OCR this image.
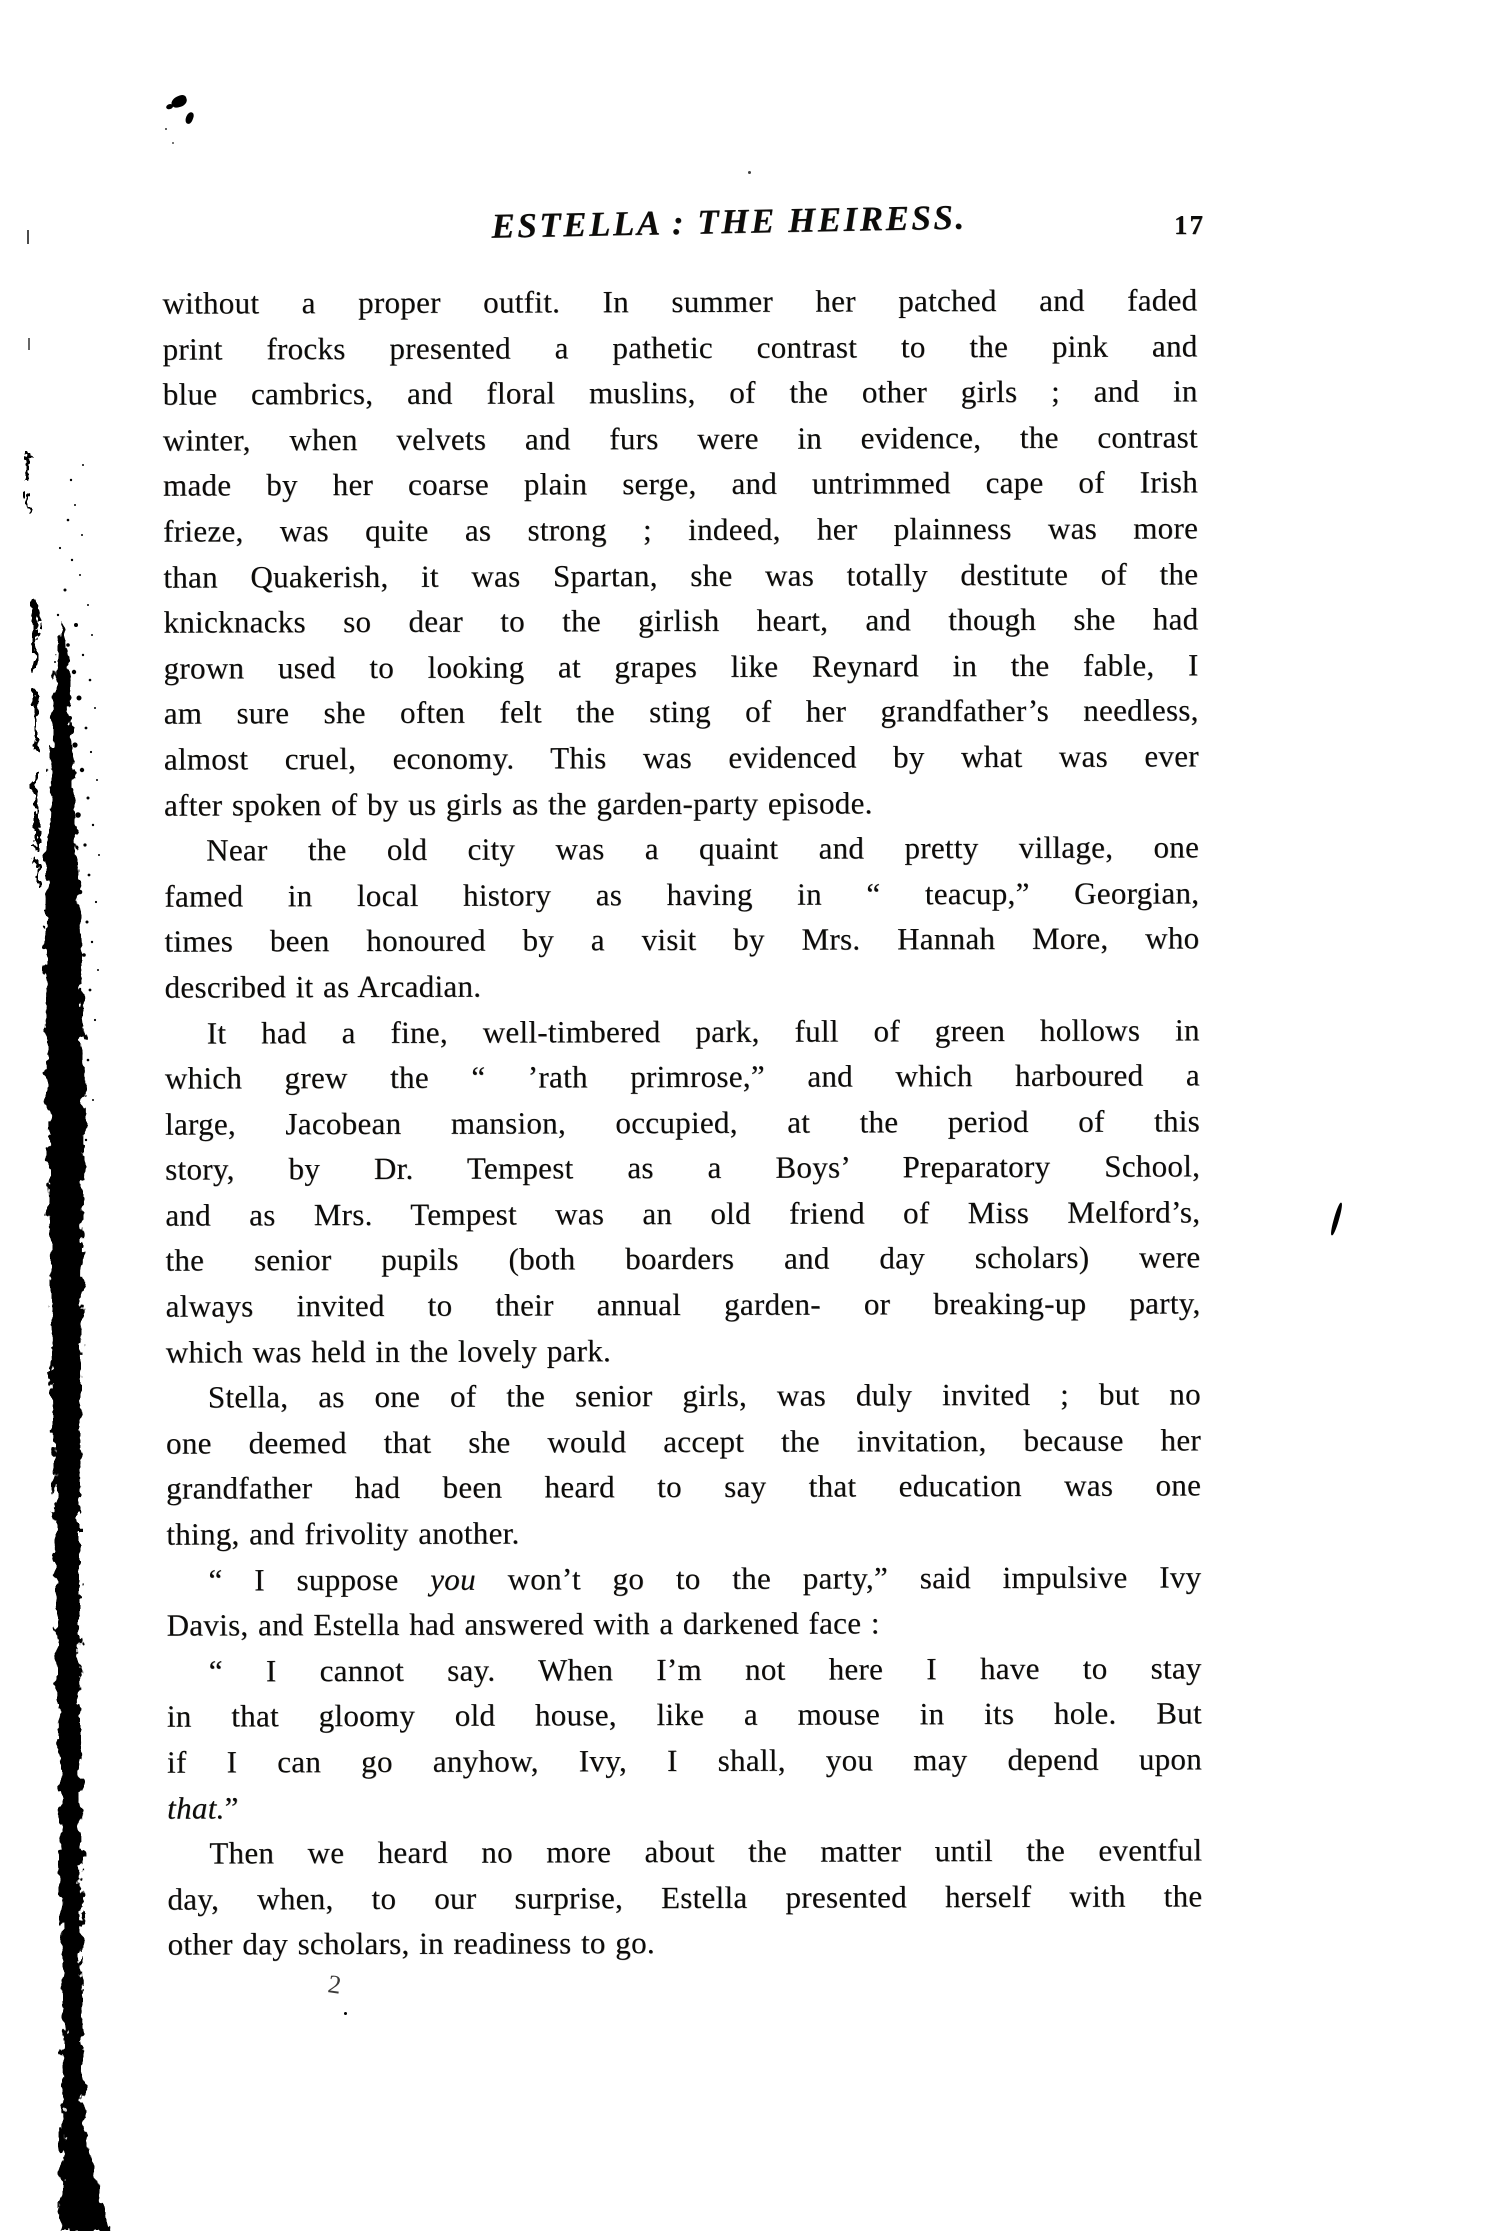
ESTELLA : THE HEIRESS.	17
without a proper outfit. In summer her patched and faded
print frocks presented a pathetic contrast to the pink and
blue cambrics, and floral muslins, of the other girls ; and in
winter, when velvets and furs were in evidence, the contrast
made by her coarse plain serge, and untrimmed cape of Irish
frieze, was quite as strong ; indeed, her plainness was more
than Quakerish, it was Spartan, she was totally destitute of the
knicknacks so dear to the girlish heart, and though she had
grown used to looking at grapes like Reynard in the fable, I
am sure she often felt the sting of her grandfather’s needless,
almost cruel, economy. This was evidenced by what was ever
after spoken of by us girls as the garden-party episode.
Near the old city was a quaint and pretty village, one
famed in local history as having in “ teacup,” Georgian,
times been honoured by a visit by Mrs. Hannah More, who
described it as Arcadian.
It had a fine, well-timbered park, full of green hollows in
which grew the “ ’rath primrose,” and which harboured a
large, Jacobean mansion, occupied, at the period of this
story, by Dr. Tempest as a Boys’ Preparatory School,
and as Mrs. Tempest was an old friend of Miss Melford’s,
the senior pupils (both boarders and day scholars) were
always invited to their annual garden- or breaking-up party,
which was held in the lovely park.
Stella, as one of the senior girls, was duly invited ; but no
one deemed that she would accept the invitation, because her
grandfather had been heard to say that education was one
thing, and frivolity another.
“ I suppose you won’t go to the party,” said impulsive Ivy
Davis, and Estella had answered with a darkened face :
“ I cannot say. When I’m not here I have to stay
in that gloomy old house, like a mouse in its hole. But
if I can go anyhow, Ivy, I shall, you may depend upon
that.”
Then we heard no more about the matter until the eventful
day, when, to our surprise, Estella presented herself with the
other day scholars, in readiness to go.
2
